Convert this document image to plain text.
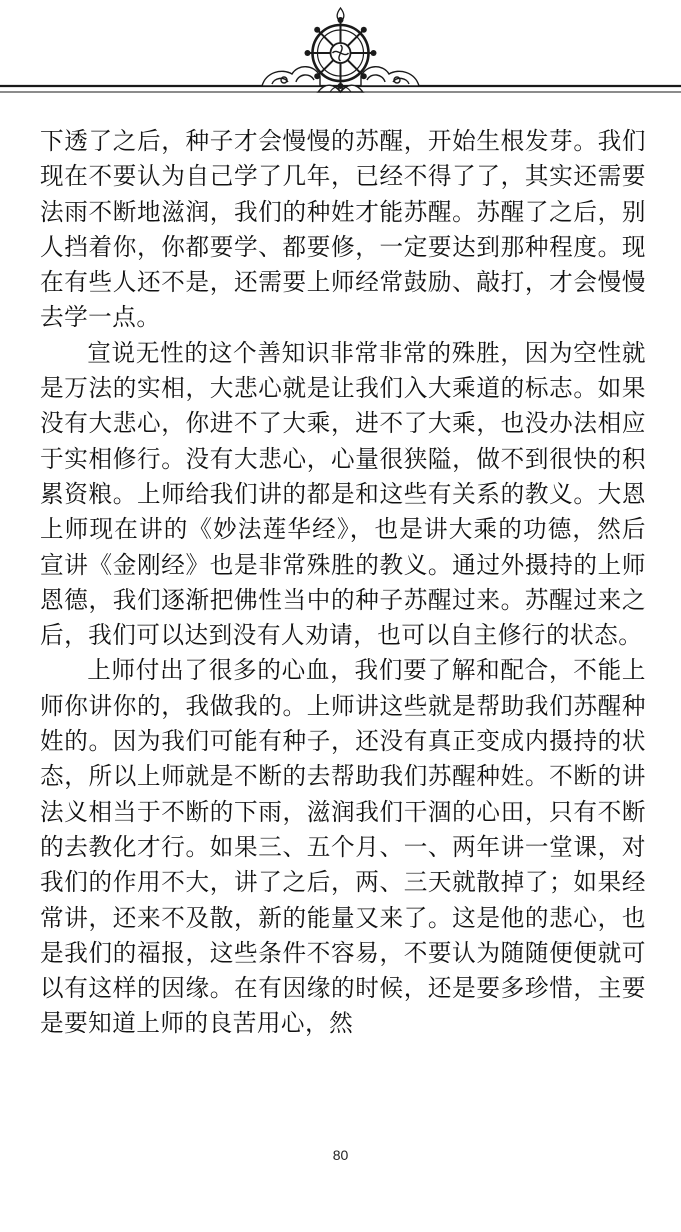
下透了之后，种子才会慢慢的苏醒，开始生根发芽。我们现在不要认为自己学了几年，已经不得了了，其实还需要法雨不断地滋润，我们的种姓才能苏醒。苏醒了之后，别人挡着你，你都要学、都要修，一定要达到那种程度。现在有些人还不是，还需要上师经常鼓励、敲打，才会慢慢去学一点。

宣说无性的这个善知识非常非常的殊胜，因为空性就是万法的实相，大悲心就是让我们入大乘道的标志。如果没有大悲心，你进不了大乘，进不了大乘，也没办法相应于实相修行。没有大悲心，心量很狭隘，做不到很快的积累资粮。上师给我们讲的都是和这些有关系的教义。大恩上师现在讲的《妙法莲华经》，也是讲大乘的功德，然后宣讲《金刚经》也是非常殊胜的教义。通过外摄持的上师恩德，我们逐渐把佛性当中的种子苏醒过来。苏醒过来之后，我们可以达到没有人劝请，也可以自主修行的状态。

上师付出了很多的心血，我们要了解和配合，不能上师你讲你的，我做我的。上师讲这些就是帮助我们苏醒种姓的。因为我们可能有种子，还没有真正变成内摄持的状态，所以上师就是不断的去帮助我们苏醒种姓。不断的讲法义相当于不断的下雨，滋润我们干涸的心田，只有不断的去教化才行。如果三、五个月、一、两年讲一堂课，对我们的作用不大，讲了之后，两、三天就散掉了；如果经常讲，还来不及散，新的能量又来了。这是他的悲心，也是我们的福报，这些条件不容易，不要认为随随便便就可以有这样的因缘。在有因缘的时候，还是要多珍惜，主要是要知道上师的良苦用心，然

80
